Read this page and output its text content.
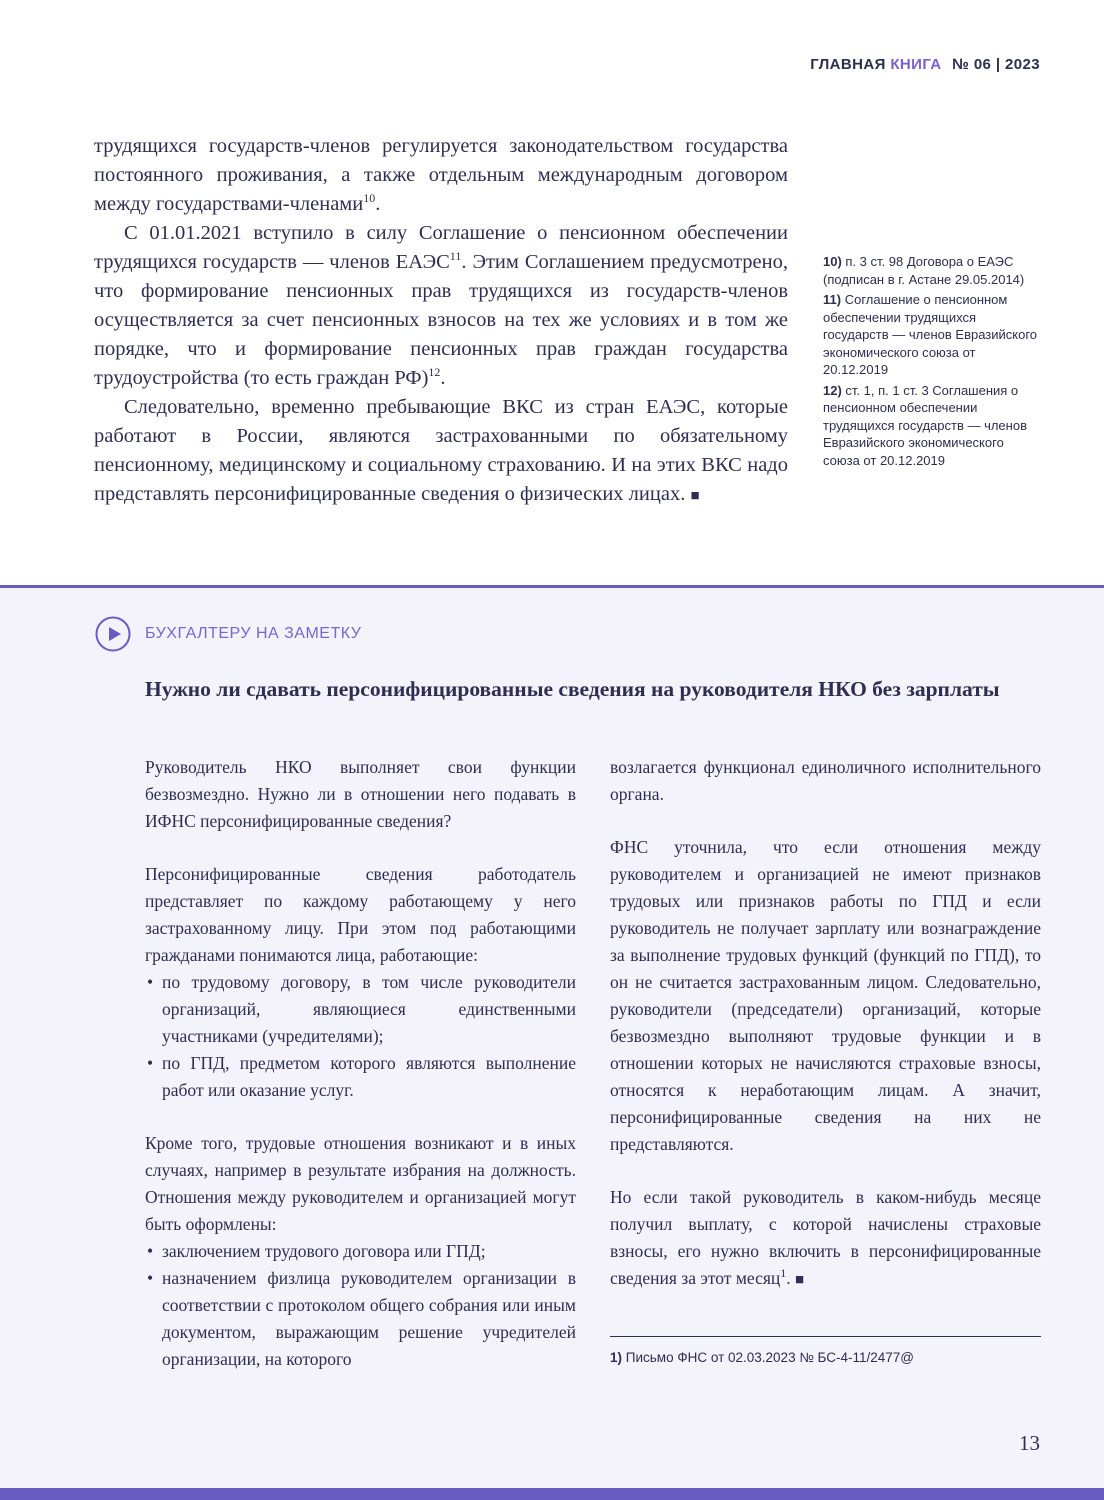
ГЛАВНАЯ КНИГА № 06 | 2023

трудящихся государств-членов регулируется законодательством государства постоянного проживания, а также отдельным международным договором между государствами-членами$^{10}$.

С 01.01.2021 вступило в силу Соглашение о пенсионном обеспечении трудящихся государств — членов ЕАЭС$^{11}$. Этим Соглашением предусмотрено, что формирование пенсионных прав трудящихся из государств-членов осуществляется за счет пенсионных взносов на тех же условиях и в том же порядке, что и формирование пенсионных прав граждан государства трудоустройства (то есть граждан РФ)$^{12}$.

Следовательно, временно пребывающие ВКС из стран ЕАЭС, которые работают в России, являются застрахованными по обязательному пенсионному, медицинскому и социальному страхованию. И на этих ВКС надо представлять персонифицированные сведения о физических лицах. ■

10) п. 3 ст. 98 Договора о ЕАЭС (подписан в г. Астане 29.05.2014)

11) Соглашение о пенсионном обеспечении трудящихся государств — членов Евразийского экономического союза от 20.12.2019

12) ст. 1, п. 1 ст. 3 Соглашения о пенсионном обеспечении трудящихся государств — членов Евразийского экономического союза от 20.12.2019

БУХГАЛТЕРУ НА ЗАМЕТКУ
Нужно ли сдавать персонифицированные сведения на руководителя НКО без зарплаты

Руководитель НКО выполняет свои функции безвозмездно. Нужно ли в отношении него подавать в ИФНС персонифицированные сведения?

Персонифицированные сведения работодатель представляет по каждому работающему у него застрахованному лицу. При этом под работающими гражданами понимаются лица, работающие:

• по трудовому договору, в том числе руководители организаций, являющиеся единственными участниками (учредителями);
• по ГПД, предметом которого являются выполнение работ или оказание услуг.

Кроме того, трудовые отношения возникают и в иных случаях, например в результате избрания на должность. Отношения между руководителем и организацией могут быть оформлены:

• заключением трудового договора или ГПД;
• назначением физлица руководителем организации в соответствии с протоколом общего собрания или иным документом, выражающим решение учредителей организации, на которого

возлагается функционал единоличного исполнительного органа.

ФНС уточнила, что если отношения между руководителем и организацией не имеют признаков трудовых или признаков работы по ГПД и если руководитель не получает зарплату или вознаграждение за выполнение трудовых функций (функций по ГПД), то он не считается застрахованным лицом. Следовательно, руководители (председатели) организаций, которые безвозмездно выполняют трудовые функции и в отношении которых не начисляются страховые взносы, относятся к неработающим лицам. А значит, персонифицированные сведения на них не представляются.

Но если такой руководитель в каком-нибудь месяце получил выплату, с которой начислены страховые взносы, его нужно включить в персонифицированные сведения за этот месяц$^1$. ■

1) Письмо ФНС от 02.03.2023 № БС-4-11/2477@

13
